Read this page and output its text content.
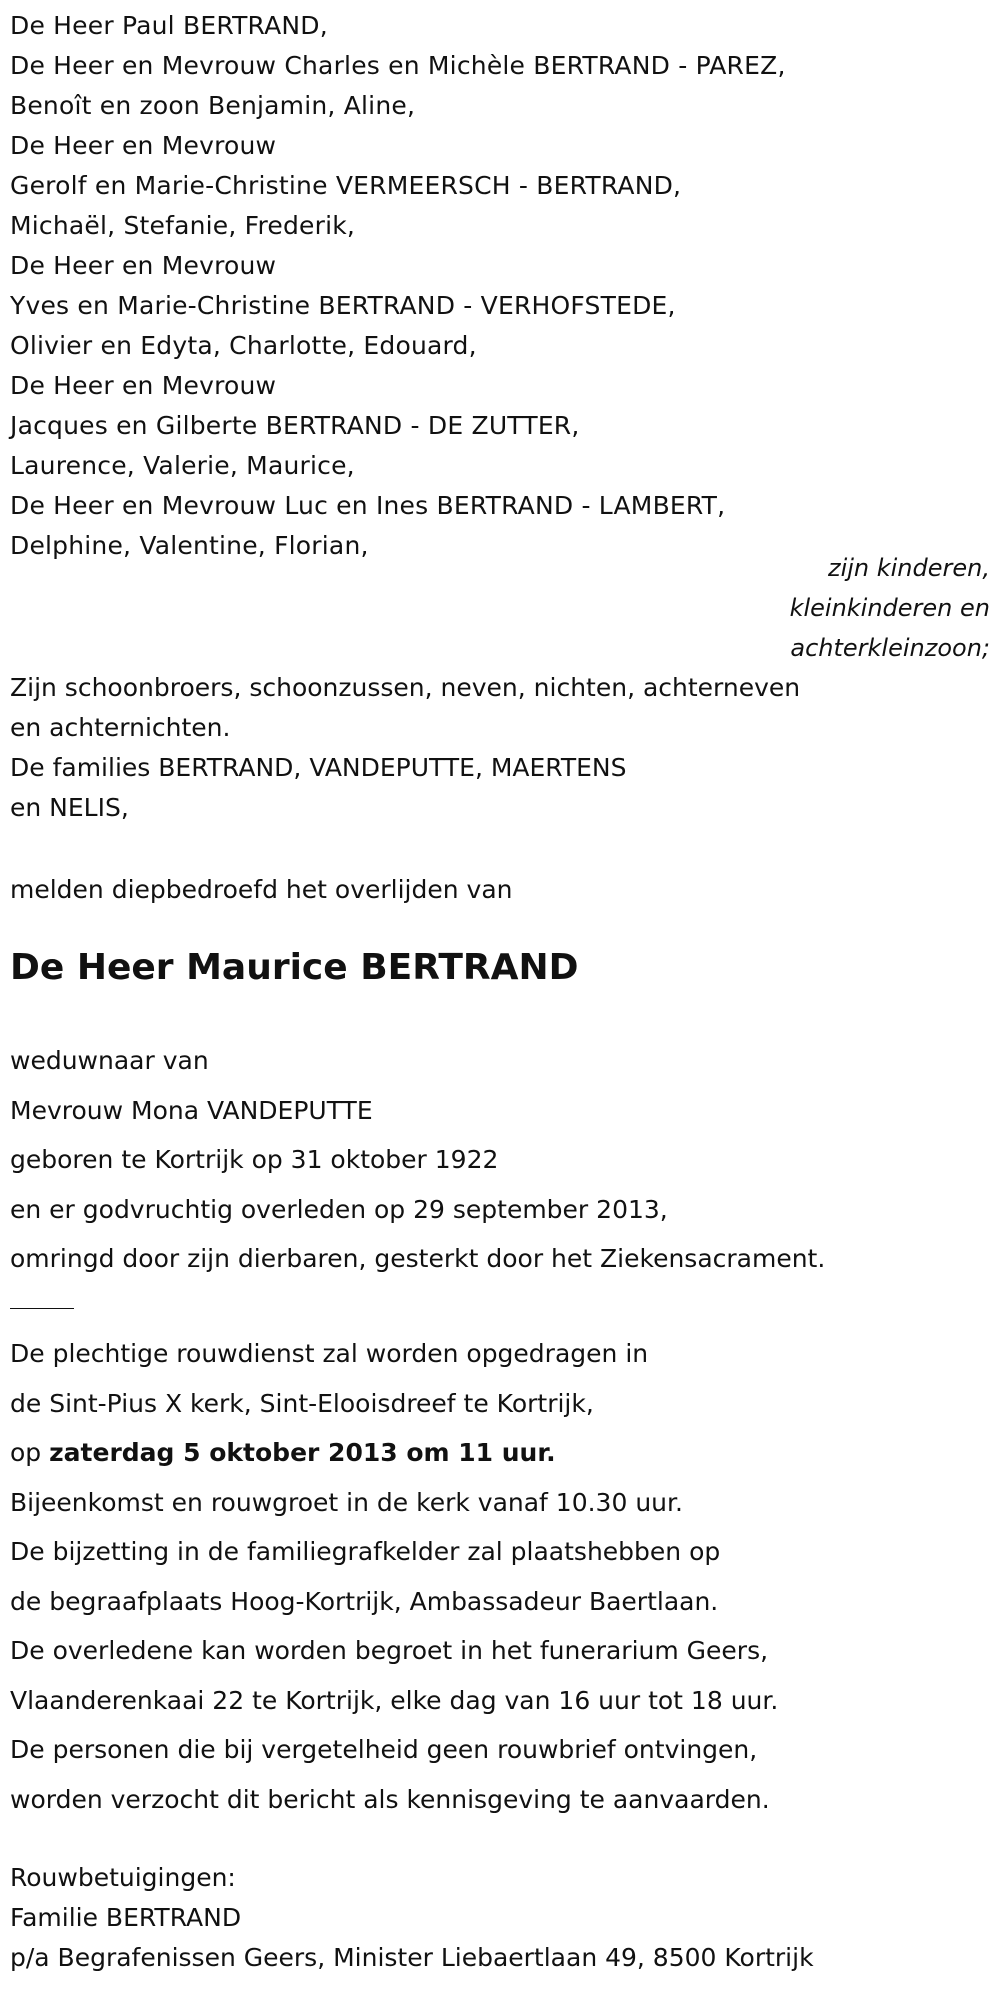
De Heer Paul BERTRAND,
De Heer en Mevrouw Charles en Michèle BERTRAND - PAREZ,
Benoît en zoon Benjamin, Aline,
De Heer en Mevrouw
Gerolf en Marie-Christine VERMEERSCH - BERTRAND,
Michaël, Stefanie, Frederik,
De Heer en Mevrouw
Yves en Marie-Christine BERTRAND - VERHOFSTEDE,
Olivier en Edyta, Charlotte, Edouard,
De Heer en Mevrouw
Jacques en Gilberte BERTRAND - DE ZUTTER,
Laurence, Valerie, Maurice,
De Heer en Mevrouw Luc en Ines BERTRAND - LAMBERT,
Delphine, Valentine, Florian,
zijn kinderen,
kleinkinderen en
achterkleinzoon;
Zijn schoonbroers, schoonzussen, neven, nichten, achterneven
en achternichten.
De families BERTRAND, VANDEPUTTE, MAERTENS
en NELIS,
melden diepbedroefd het overlijden van
De Heer Maurice BERTRAND
weduwnaar van
Mevrouw Mona VANDEPUTTE
geboren te Kortrijk op 31 oktober 1922
en er godvruchtig overleden op 29 september 2013,
omringd door zijn dierbaren, gesterkt door het Ziekensacrament.
De plechtige rouwdienst zal worden opgedragen in
de Sint-Pius X kerk, Sint-Elooisdreef te Kortrijk,
op zaterdag 5 oktober 2013 om 11 uur.
Bijeenkomst en rouwgroet in de kerk vanaf 10.30 uur.
De bijzetting in de familiegrafkelder zal plaatshebben op
de begraafplaats Hoog-Kortrijk, Ambassadeur Baertlaan.
De overledene kan worden begroet in het funerarium Geers,
Vlaanderenkaai 22 te Kortrijk, elke dag van 16 uur tot 18 uur.
De personen die bij vergetelheid geen rouwbrief ontvingen,
worden verzocht dit bericht als kennisgeving te aanvaarden.
Rouwbetuigingen:
Familie BERTRAND
p/a Begrafenissen Geers, Minister Liebaertlaan 49, 8500 Kortrijk
